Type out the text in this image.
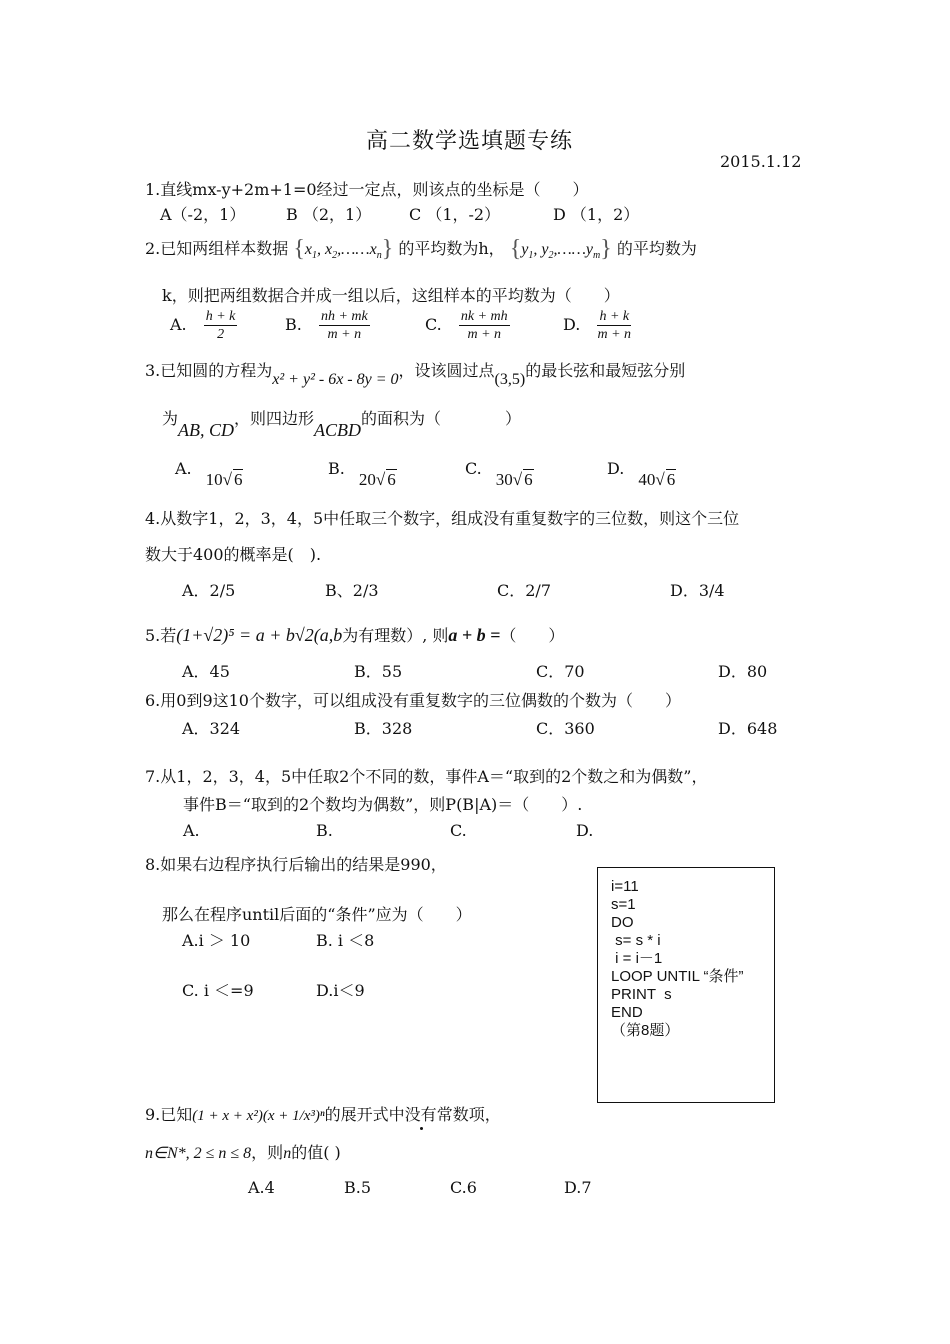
高二数学选填题专练
2015.1.12
1.直线mx-y+2m+1=0经过一定点，则该点的坐标是（　　）
A（-2，1）	B （2，1） C （1，-2）	D （1，2）
2.已知两组样本数据 {$x_1$, $x_2,\dots\dots x_n$} 的平均数为h， {$y_1$, $y_2,\dots\dots y_m$} 的平均数为
k，则把两组数据合并成一组以后，这组样本的平均数为（　　）
A. $\frac{h + k}{2}$	B. $\frac{nh + mk}{m + n}$	C. $\frac{nk + mh}{m + n}$	D. $\frac{h + k}{m + n}$
3.已知圆的方程为x² + y² - 6x - 8y = 0，设该圆过点(3,5)的最长弦和最短弦分别
为AB, CD，则四边形ACBD的面积为（　　　　）
A.10√ 6
B.20√ 6
C.30√ 6
D.40√ 6
4.从数字1，2，3，4，5中任取三个数字，组成没有重复数字的三位数，则这个三位
数大于400的概率是(　).
A．2/5	B、2/3	C．2/7	D．3/4
5.若(1+√2)⁵ = a + b√2(a,b为有理数）, 则a + b =（　　）
A．45	B．55	C．70	D．80
6.用0到9这10个数字，可以组成没有重复数字的三位偶数的个数为（　　）
A．324	B．328	C．360	D．648
7.从1，2，3，4，5中任取2个不同的数，事件A＝“取到的2个数之和为偶数”，
事件B＝“取到的2个数均为偶数”，则P(B|A)＝（　　）.
A.	B.	C.	D.
8.如果右边程序执行后输出的结果是990，
那么在程序until后面的“条件”应为（　　）
A.i ＞ 10	B. i ＜8
C. i ＜=9	D.i＜9
i=11
s=1
DO
s= s * i
i = i－1
LOOP UNTIL “条件”
PRINT  s
END
（第8题）
9.已知(1 + x + x²)(x + 1/x³)ⁿ的展开式中没有常数项，
n∈N*, 2 ≤ n ≤ 8，则n的值( )
A.4	B.5	C.6	D.7
